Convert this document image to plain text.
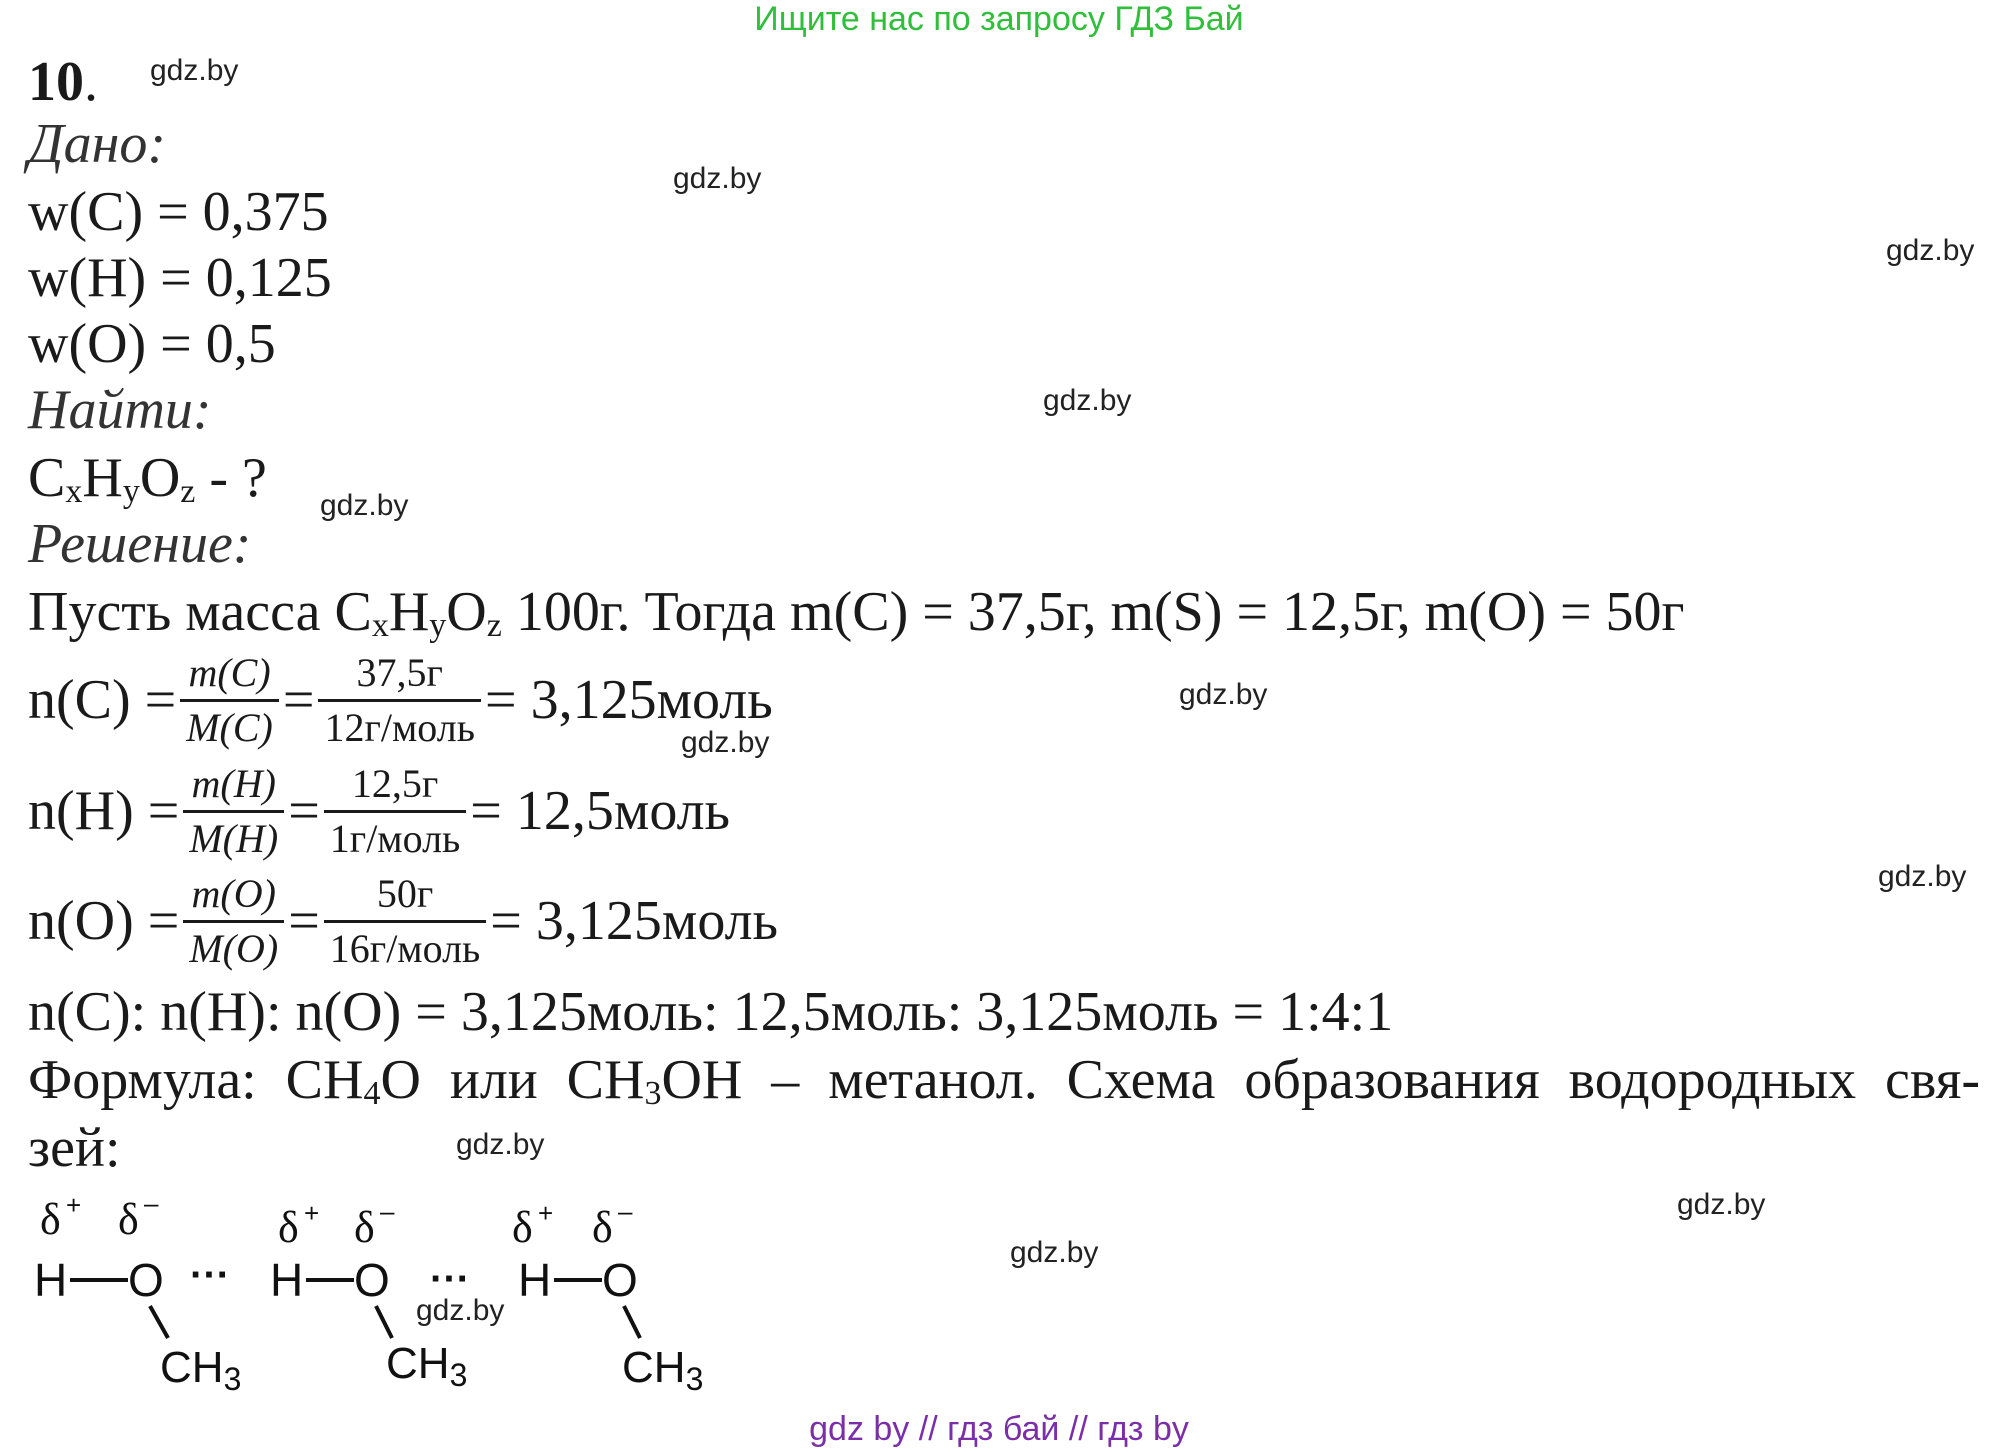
Ищите нас по запросу ГДЗ Бай
10. gdz.by
gdz.by
gdz.by
gdz.by
gdz.by
gdz.by
gdz.by
gdz.by
gdz.by
gdz.by
gdz.by
gdz.by
Дано:
w(C) = 0,375
w(H) = 0,125
w(O) = 0,5
Найти:
$C_xH_yO_z$ - ?
Решение:
Пусть масса $C_xH_yO_z$ 100г. Тогда m(C) = 37,5г, m(S) = 12,5г, m(O) = 50г
$n(C) = \frac{m(C)}{M(C)} = \frac{37,5г}{\text{12г/моль}}$ = 3,125моль
$n(H) = \frac{m(H)}{M(H)} = \frac{12,5г}{\text{1г/моль}}$ = 12,5моль
$n(O) = \frac{m(O)}{M(O)} = \frac{50г}{\text{16г/моль}}$ = 3,125моль
n(C): n(H): n(O) = 3,125моль: 12,5моль: 3,125моль = 1:4:1
Формула: $CH_4O$ или $CH_3OH$ – метанол. Схема образования водородных свя-
зей:
δ + δ –
H O
CH3
···
δ + δ –
H O
CH3
···
δ + δ –
H O
CH3
gdz by // гдз бай // гдз by
